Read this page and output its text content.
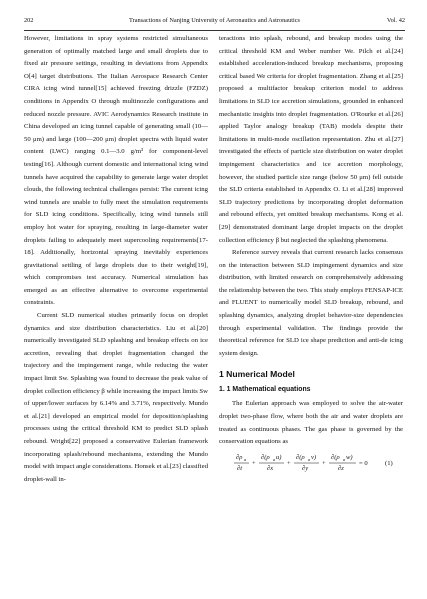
202	Transactions of Nanjing University of Aeronautics and Astronautics	Vol. 42

However, limitations in spray systems restricted simultaneous generation of optimally matched large and small droplets due to fixed air pressure settings, resulting in deviations from Appendix O[4] target distributions. The Italian Aerospace Research Center CIRA icing wind tunnel[15] achieved freezing drizzle (FZDZ) conditions in Appendix O through multinozzle configurations and reduced nozzle pressure. AVIC Aerodynamics Research institute in China developed an icing tunnel capable of generating small (10—50 μm) and large (100—200 μm) droplet spectra with liquid water content (LWC) ranging 0.1—3.0 g/m³ for component-level testing[16]. Although current domestic and international icing wind tunnels have acquired the capability to generate large water droplet clouds, the following technical challenges persist: The current icing wind tunnels are unable to fully meet the simulation requirements for SLD icing conditions. Specifically, icing wind tunnels still employ hot water for spraying, resulting in large-diameter water droplets failing to adequately meet supercooling requirements[17-18]. Additionally, horizontal spraying inevitably experiences gravitational settling of large droplets due to their weight[19], which compromises test accuracy. Numerical simulation has emerged as an effective alternative to overcome experimental constraints.

Current SLD numerical studies primarily focus on droplet dynamics and size distribution characteristics. Liu et al.[20] numerically investigated SLD splashing and breakup effects on ice accretion, revealing that droplet fragmentation changed the trajectory and the impingement range, while reducing the water impact limit Sw. Splashing was found to decrease the peak value of droplet collection efficiency β while increasing the impact limits Sw of upper/lower surfaces by 6.14% and 3.71%, respectively. Mundo et al.[21] developed an empirical model for deposition/splashing processes using the critical threshold KM to predict SLD splash rebound. Wright[22] proposed a conservative Eulerian framework incorporating splash/rebound mechanisms, extending the Mundo model with impact angle considerations. Honsek et al.[23] classified droplet-wall in-

teractions into splash, rebound, and breakup modes using the critical threshold KM and Weber number We. Pilch et al.[24] established acceleration-induced breakup mechanisms, proposing critical based We criteria for droplet fragmentation. Zhang et al.[25] proposed a multifactor breakup criterion model to address limitations in SLD ice accretion simulations, grounded in enhanced mechanistic insights into droplet fragmentation. O'Rourke et al.[26] applied Taylor analogy breakup (TAB) models despite their limitations in multi-mode oscillation representation. Zhu et al.[27] investigated the effects of particle size distribution on water droplet impingement characteristics and ice accretion morphology, however, the studied particle size range (below 50 μm) fell outside the SLD criteria established in Appendix O. Li et al.[28] improved SLD trajectory predictions by incorporating droplet deformation and rebound effects, yet omitted breakup mechanisms. Kong et al.[29] demonstrated dominant large droplet impacts on the droplet collection efficiency β but neglected the splashing phenomena.

Reference survey reveals that current research lacks consensus on the interaction between SLD impingement dynamics and size distribution, with limited research on comprehensively addressing the relationship between the two. This study employs FENSAP-ICE and FLUENT to numerically model SLD breakup, rebound, and splashing dynamics, analyzing droplet behavior-size dependencies through experimental validation. The findings provide the theoretical reference for SLD ice shape prediction and anti-de icing system design.

1 Numerical Model
1. 1 Mathematical equations

The Eulerian approach was employed to solve the air-water droplet two-phase flow, where both the air and water droplets are treated as continuous phases. The gas phase is governed by the conservation equations as

∂ρ a
∂t
+
∂(ρ a u)
∂x
+
∂(ρ a v)
∂y
+
∂(ρ a w)
∂z
= 0	(1)
